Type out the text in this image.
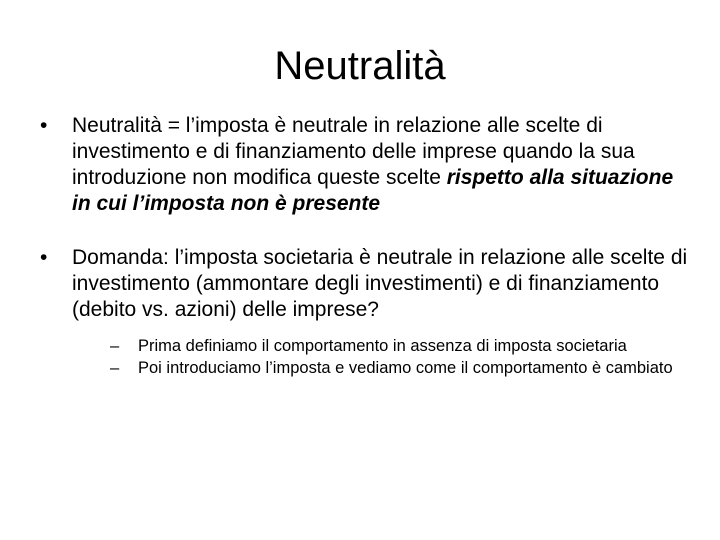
Neutralità
• Neutralità = l’imposta è neutrale in relazione alle scelte di investimento e di finanziamento delle imprese quando la sua introduzione non modifica queste scelte rispetto alla situazione in cui l’imposta non è presente
• Domanda: l’imposta societaria è neutrale in relazione alle scelte di investimento (ammontare degli investimenti) e di finanziamento (debito vs. azioni) delle imprese?
– Prima definiamo il comportamento in assenza di imposta societaria
– Poi introduciamo l’imposta e vediamo come il comportamento è cambiato
